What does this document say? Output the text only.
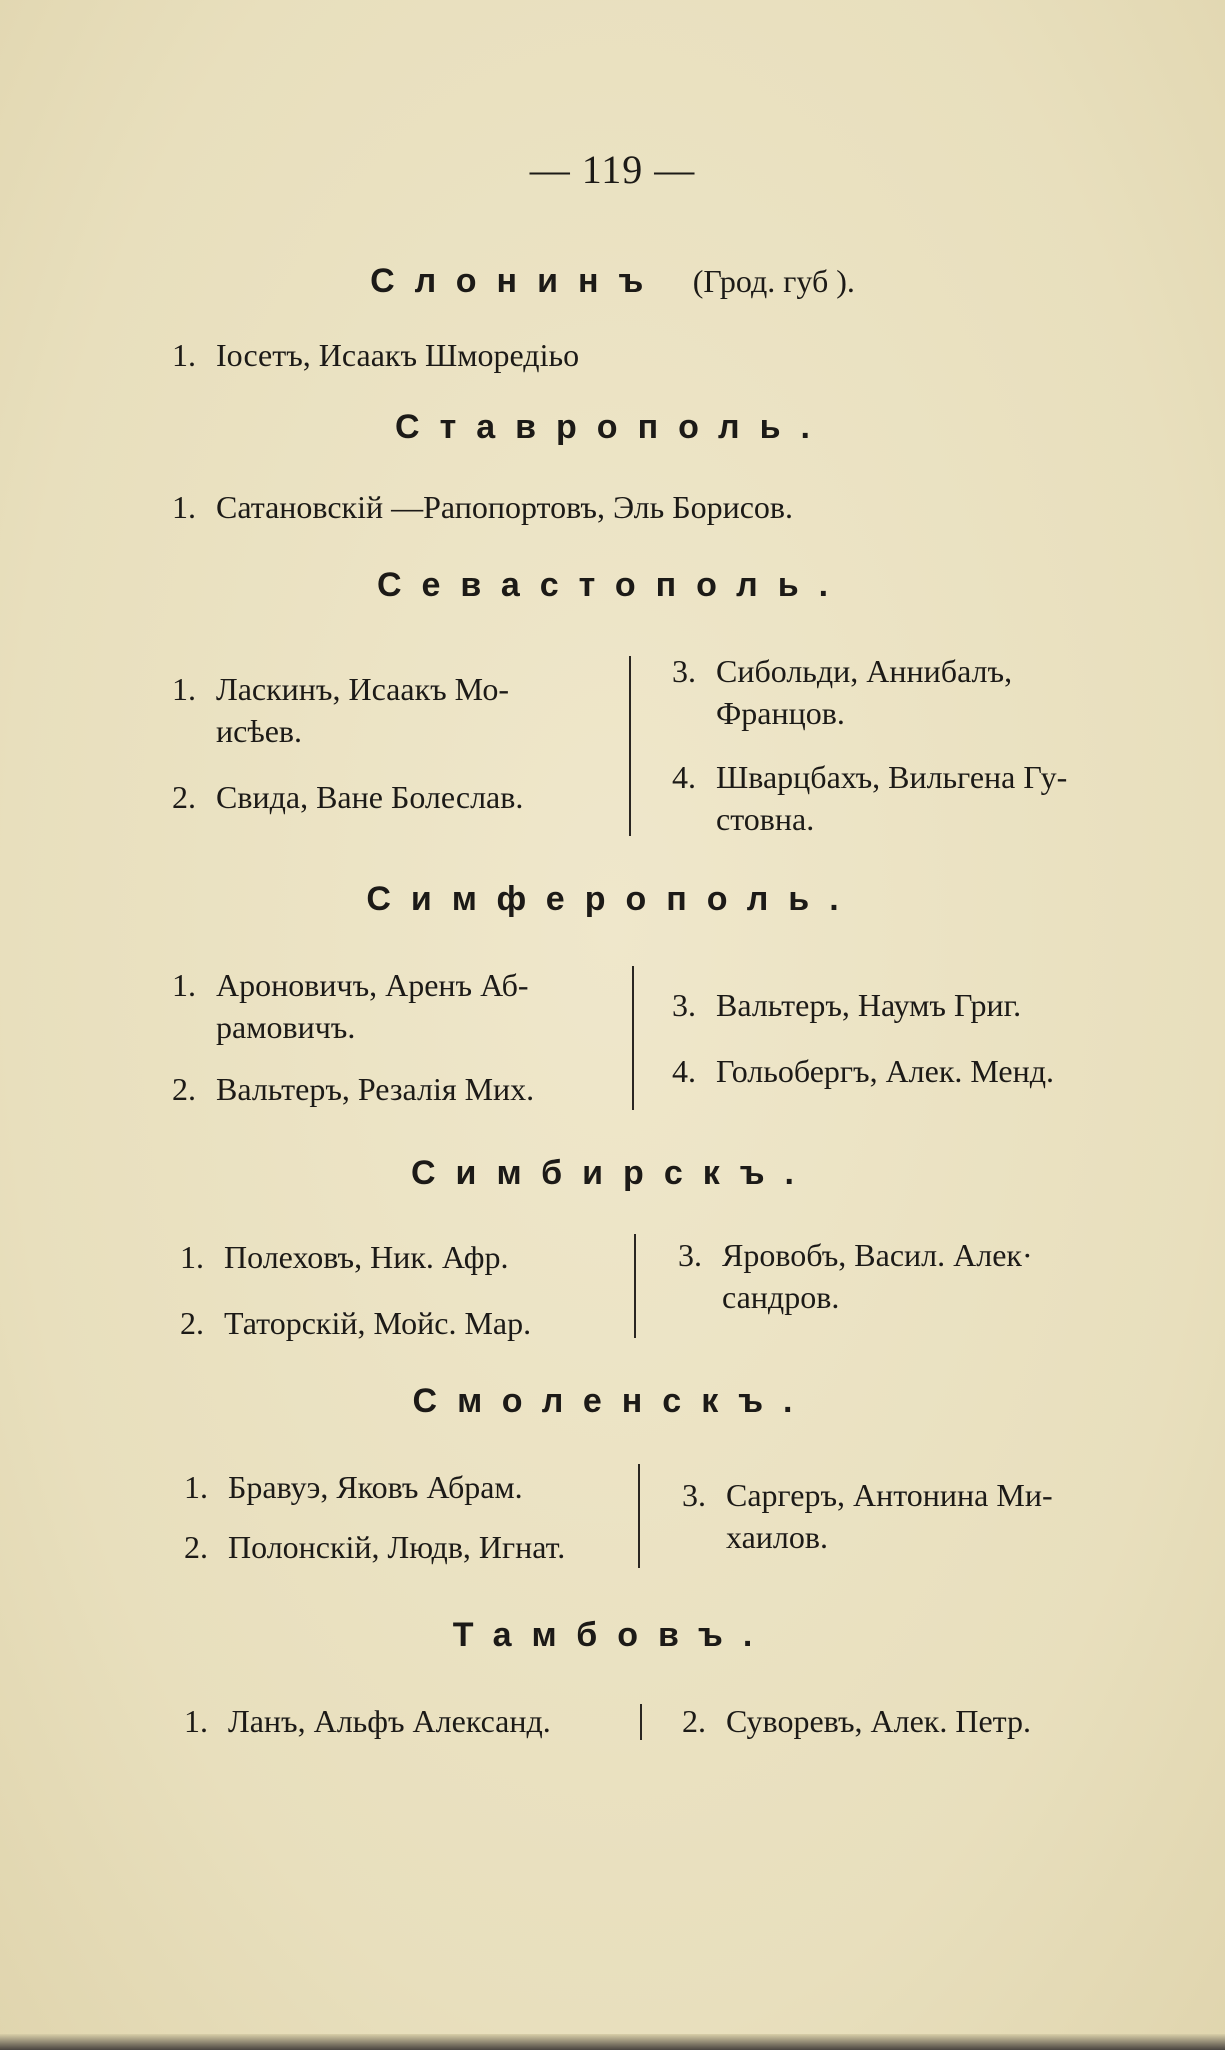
— 119 —
Слонинъ (Грод. губ ).
1. Іосетъ, Исаакъ Шморедіьо
Ставрополь.
1. Сатановскій —Рапопортовъ, Эль Борисов.
Севастополь.
1. Ласкинъ, Исаакъ Мо-
исѣев.
2. Свида, Ване Болеслав.
3. Сибольди, Аннибалъ,
Францов.
4. Шварцбахъ, Вильгена Гу-
стовна.
Симферополь.
1. Ароновичъ, Аренъ Аб-
рамовичъ.
2. Вальтеръ, Резалія Мих.
3. Вальтеръ, Наумъ Григ.
4. Гольобергъ, Алек. Менд.
Симбирскъ.
1. Полеховъ, Ник. Афр.
2. Таторскій, Мойс. Мар.
3. Яровобъ, Васил. Алек·
сандров.
Смоленскъ.
1. Бравуэ, Яковъ Абрам.
2. Полонскій, Людв, Игнат.
3. Саргеръ, Антонина Ми-
хаилов.
Тамбовъ.
1. Ланъ, Альфъ Александ.	2. Суворевъ, Алек. Петр.
